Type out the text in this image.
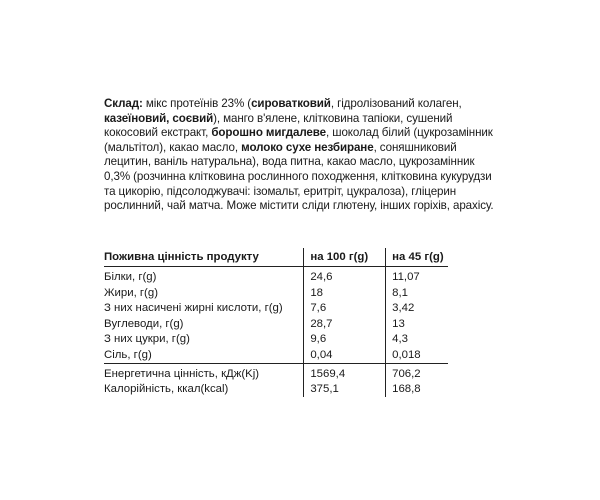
Склад: мікс протеїнів 23% (сироватковий, гідролізований колаген, казеїновий, соєвий), манго в'ялене, клітковина тапіоки, сушений кокосовий екстракт, борошно мигдалеве, шоколад білий (цукрозамінник (мальтітол), какао масло, молоко сухе незбиране, соняшниковий лецитин, ваніль натуральна), вода питна, какао масло, цукрозамінник 0,3% (розчинна клітковина рослинного походження, клітковина кукурудзи та цикорію, підсолоджувачі: ізомальт, еритріт, цукралоза), гліцерин рослинний, чай матча. Може містити сліди глютену, інших горіхів, арахісу.
Поживна цінність продукту	на 100 г(g)	на 45 г(g)
Білки, г(g)	24,6	11,07
Жири, г(g)	18	8,1
З них насичені жирні кислоти, г(g)	7,6	3,42
Вуглеводи, г(g)	28,7	13
З них цукри, г(g)	9,6	4,3
Сіль, г(g)	0,04	0,018
Енергетична цінність, кДж(Kj)	1569,4	706,2
Калорійність, ккал(kcal)	375,1	168,8
